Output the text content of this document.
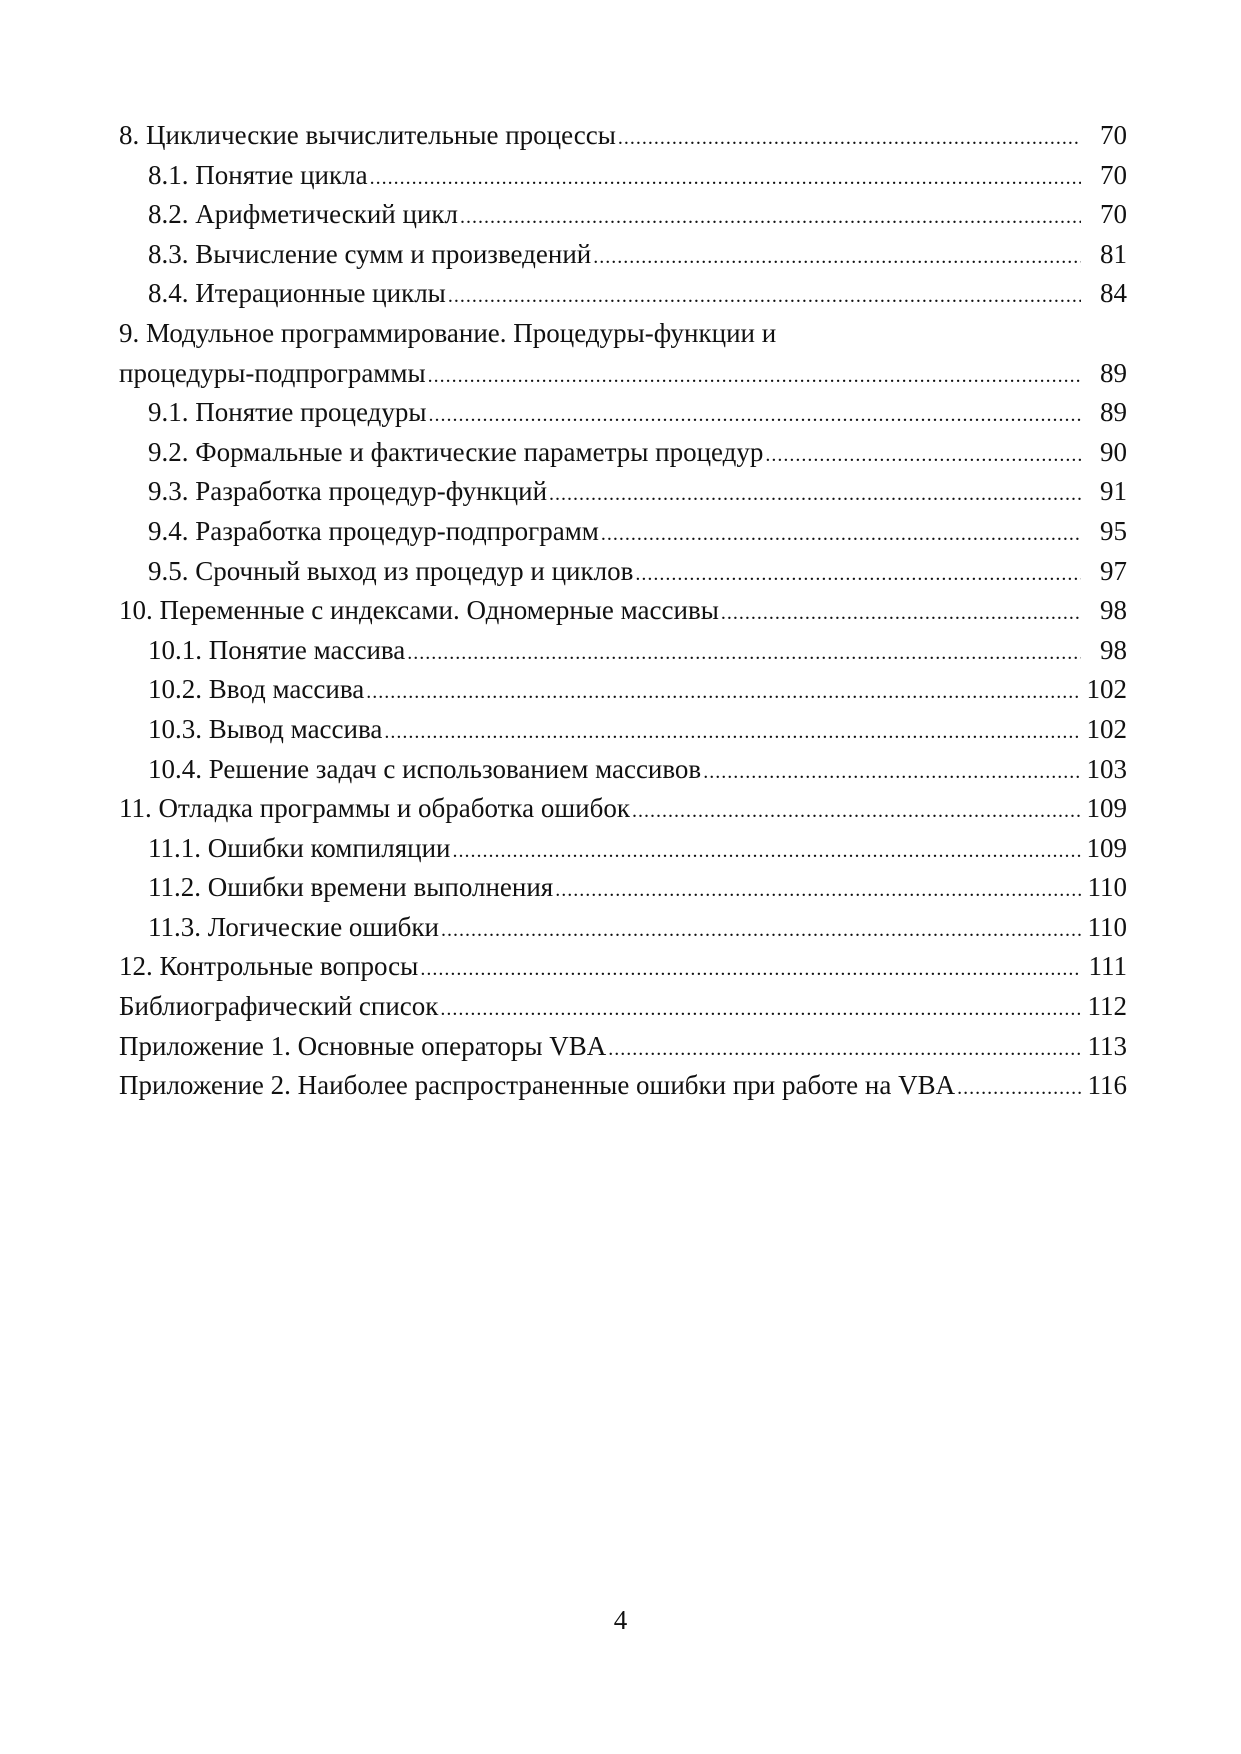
8. Циклические вычислительные процессы .....	70
8.1. Понятие цикла .....	70
8.2. Арифметический цикл .....	70
8.3. Вычисление сумм и произведений .....	81
8.4. Итерационные циклы .....	84
9. Модульное программирование. Процедуры-функции и
процедуры-подпрограммы .....	89
9.1. Понятие процедуры .....	89
9.2. Формальные и фактические параметры процедур .....	90
9.3. Разработка процедур-функций .....	91
9.4. Разработка процедур-подпрограмм .....	95
9.5. Срочный выход из процедур и циклов .....	97
10. Переменные с индексами. Одномерные массивы .....	98
10.1. Понятие массива .....	98
10.2. Ввод массива .....	102
10.3. Вывод массива .....	102
10.4. Решение задач с использованием массивов .....	103
11. Отладка программы и обработка ошибок .....	109
11.1. Ошибки компиляции .....	109
11.2. Ошибки времени выполнения .....	110
11.3. Логические ошибки .....	110
12. Контрольные вопросы .....	111
Библиографический список .....	112
Приложение 1. Основные операторы VBA .....	113
Приложение 2. Наиболее распространенные ошибки при работе на VBA .....	116
4
